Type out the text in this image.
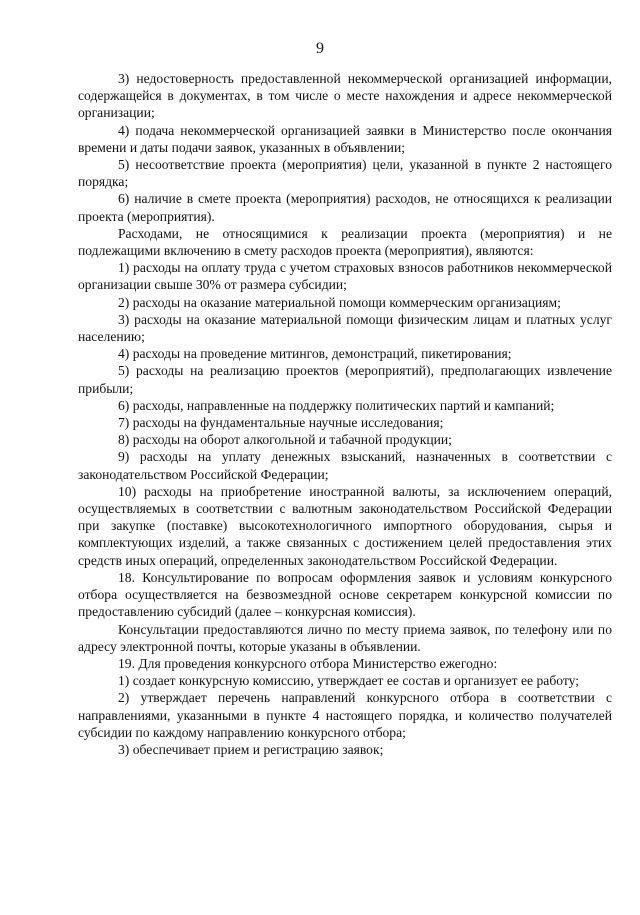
9

3) недостоверность предоставленной некоммерческой организацией информации, содержащейся в документах, в том числе о месте нахождения и адресе некоммерческой организации;

4) подача некоммерческой организацией заявки в Министерство после окончания времени и даты подачи заявок, указанных в объявлении;

5) несоответствие проекта (мероприятия) цели, указанной в пункте 2 настоящего порядка;

6) наличие в смете проекта (мероприятия) расходов, не относящихся к реализации проекта (мероприятия).

Расходами, не относящимися к реализации проекта (мероприятия) и не подлежащими включению в смету расходов проекта (мероприятия), являются:

1) расходы на оплату труда с учетом страховых взносов работников некоммерческой организации свыше 30% от размера субсидии;

2) расходы на оказание материальной помощи коммерческим организациям;

3) расходы на оказание материальной помощи физическим лицам и платных услуг населению;

4) расходы на проведение митингов, демонстраций, пикетирования;

5) расходы на реализацию проектов (мероприятий), предполагающих извлечение прибыли;

6) расходы, направленные на поддержку политических партий и кампаний;

7) расходы на фундаментальные научные исследования;

8) расходы на оборот алкогольной и табачной продукции;

9) расходы на уплату денежных взысканий, назначенных в соответствии с законодательством Российской Федерации;

10) расходы на приобретение иностранной валюты, за исключением операций, осуществляемых в соответствии с валютным законодательством Российской Федерации при закупке (поставке) высокотехнологичного импортного оборудования, сырья и комплектующих изделий, а также связанных с достижением целей предоставления этих средств иных операций, определенных законодательством Российской Федерации.

18. Консультирование по вопросам оформления заявок и условиям конкурсного отбора осуществляется на безвозмездной основе секретарем конкурсной комиссии по предоставлению субсидий (далее – конкурсная комиссия).

Консультации предоставляются лично по месту приема заявок, по телефону или по адресу электронной почты, которые указаны в объявлении.

19. Для проведения конкурсного отбора Министерство ежегодно:

1) создает конкурсную комиссию, утверждает ее состав и организует ее работу;

2) утверждает перечень направлений конкурсного отбора в соответствии с направлениями, указанными в пункте 4 настоящего порядка, и количество получателей субсидии по каждому направлению конкурсного отбора;

3) обеспечивает прием и регистрацию заявок;
